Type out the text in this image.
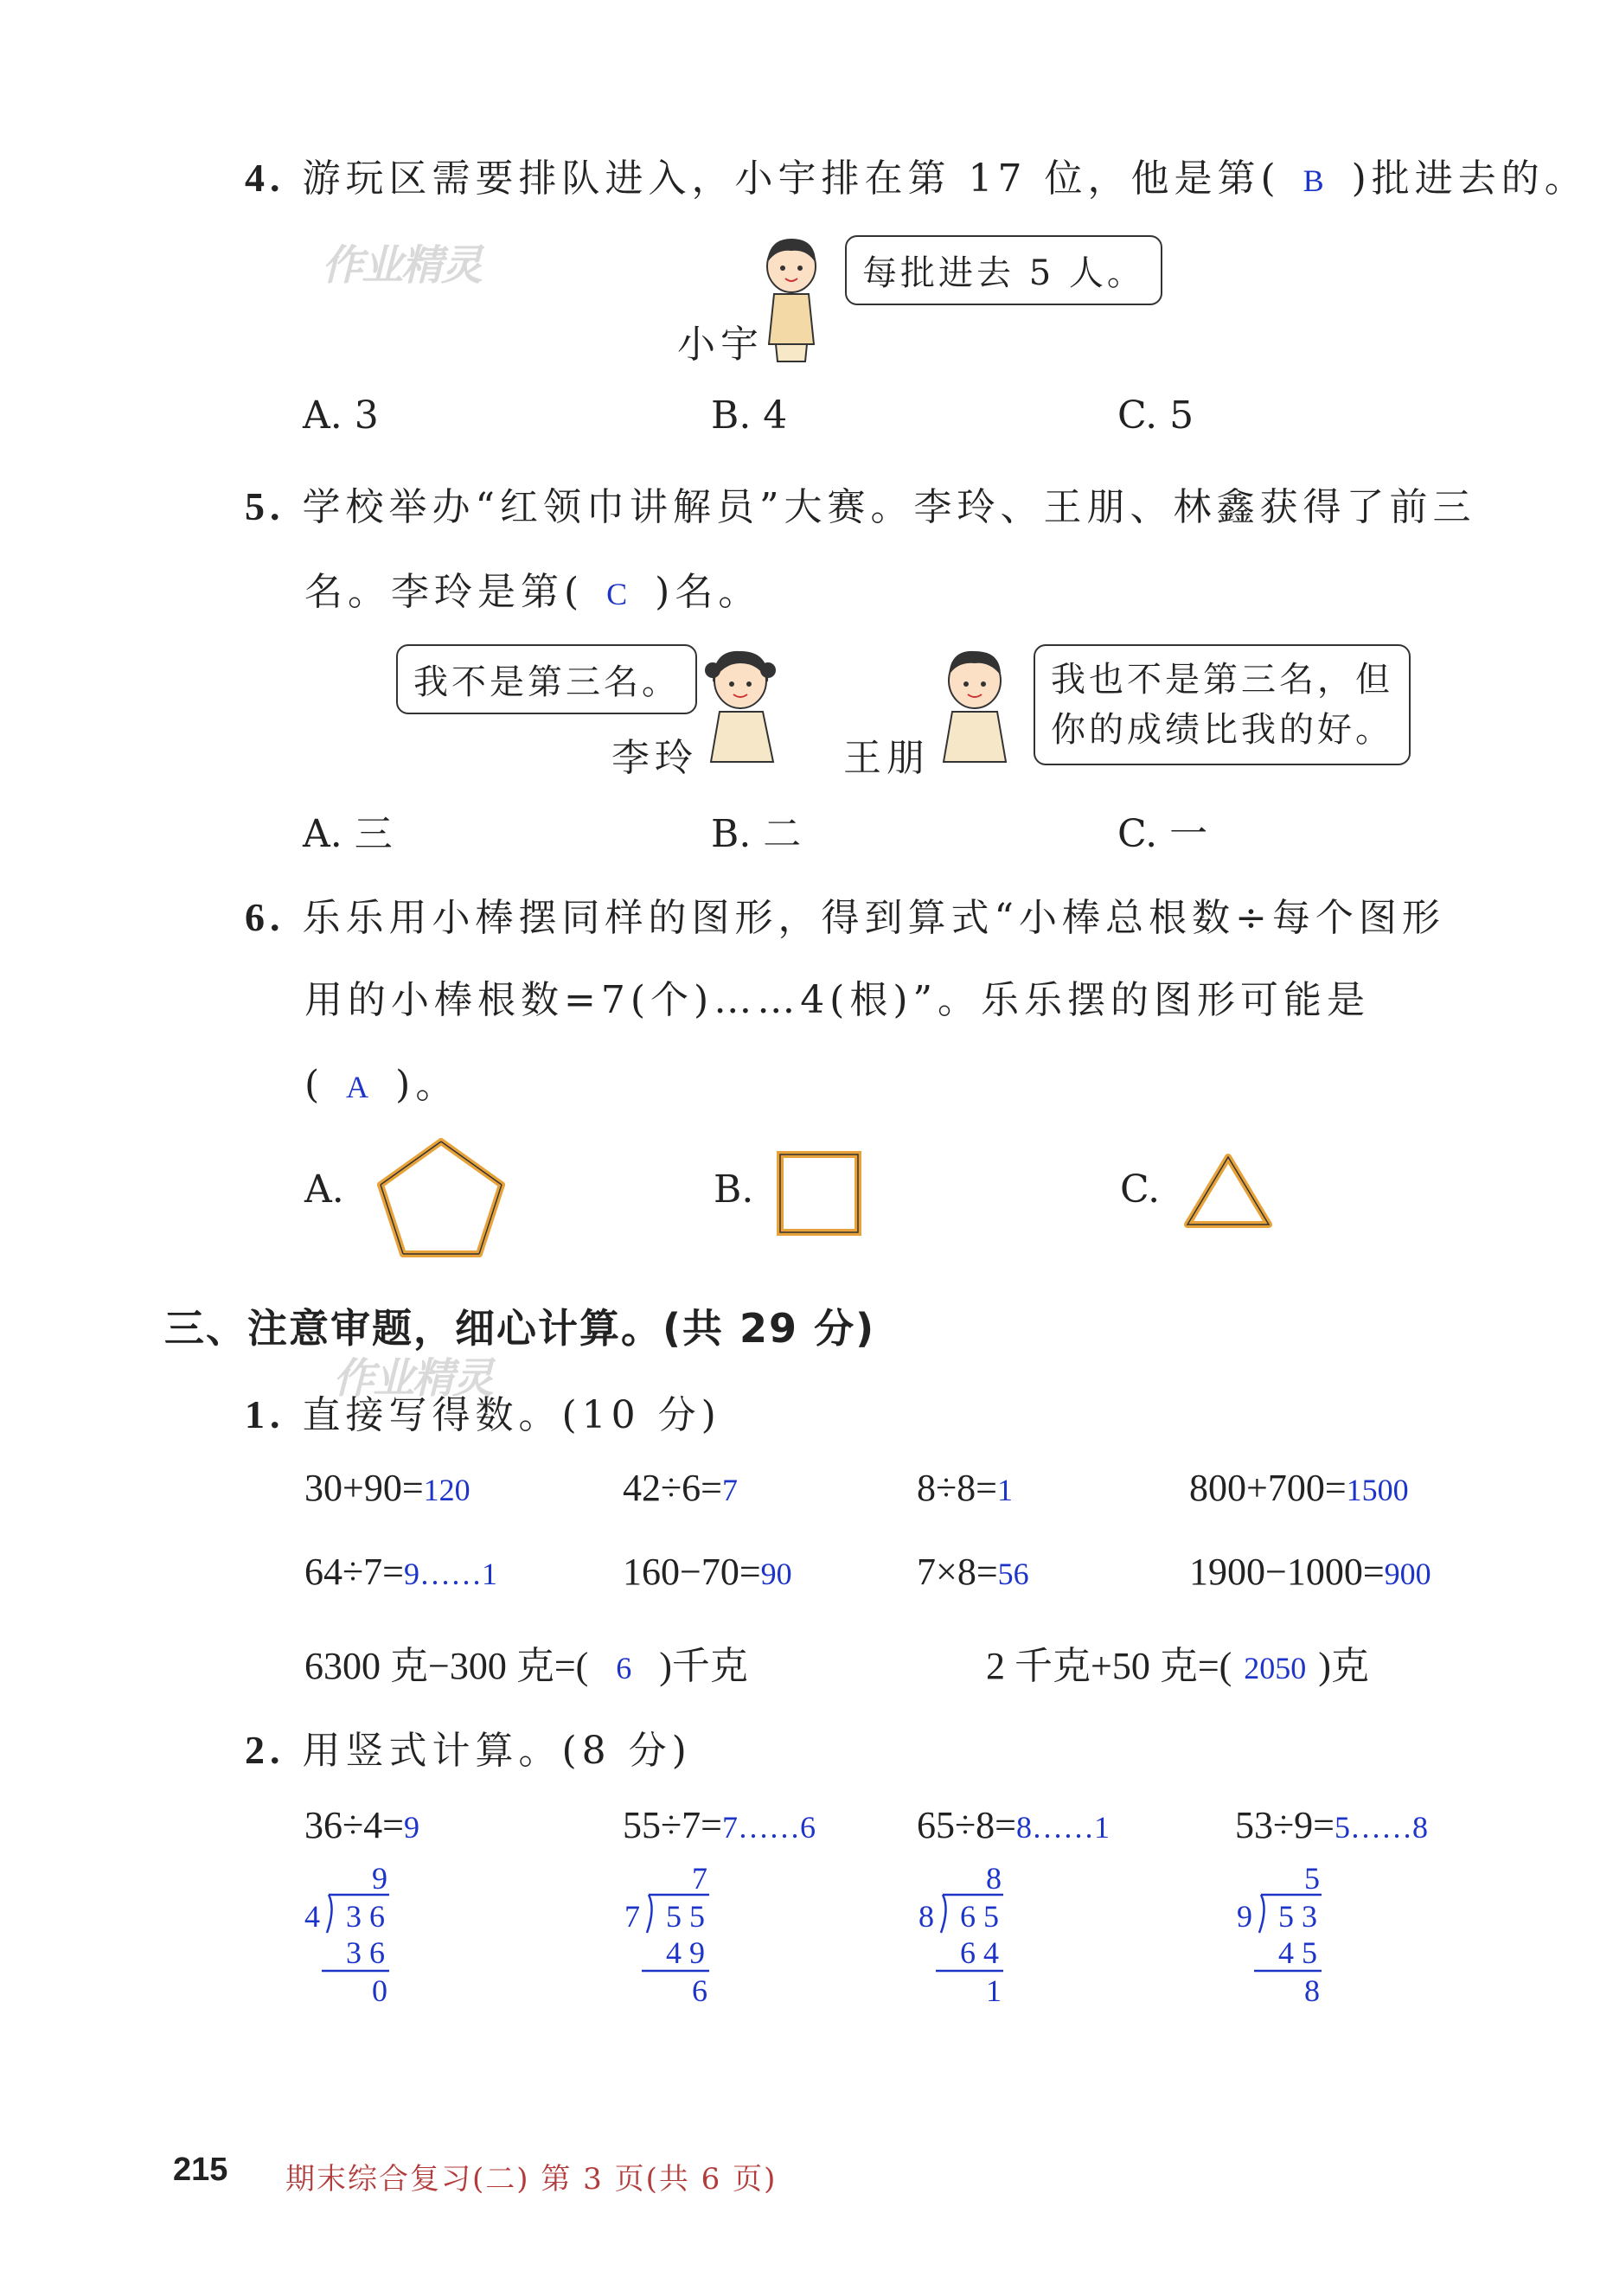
作业精灵
作业精灵
4. 游玩区需要排队进入，小宇排在第 17 位，他是第( B )批进去的。
每批进去 5 人。
小宇
A. 3	B. 4	C. 5
5. 学校举办“红领巾讲解员”大赛。李玲、王朋、林鑫获得了前三
名。李玲是第( C )名。
我不是第三名。
李玲	王朋
我也不是第三名，但
你的成绩比我的好。
A. 三	B. 二	C. 一
6. 乐乐用小棒摆同样的图形，得到算式“小棒总根数÷每个图形
用的小棒根数=7(个)……4(根)”。乐乐摆的图形可能是
( A )。
A.	B.	C.
三、注意审题，细心计算。(共 29 分)
1. 直接写得数。(10 分)
30+90=120	42÷6=7	8÷8=1	800+700=1500
64÷7=9……1	160−70=90	7×8=56	1900−1000=900
6300 克−300 克=( 6 )千克	2 千克+50 克=( 2050 )克
2. 用竖式计算。(8 分)
36÷4=9	55÷7=7……6	65÷8=8……1	53÷9=5……8
9
4 3 6
3 6
0
7
7 5 5
4 9
6
8
8 6 5
6 4
1
5
9 5 3
4 5
8
215 期末综合复习(二) 第 3 页(共 6 页)
